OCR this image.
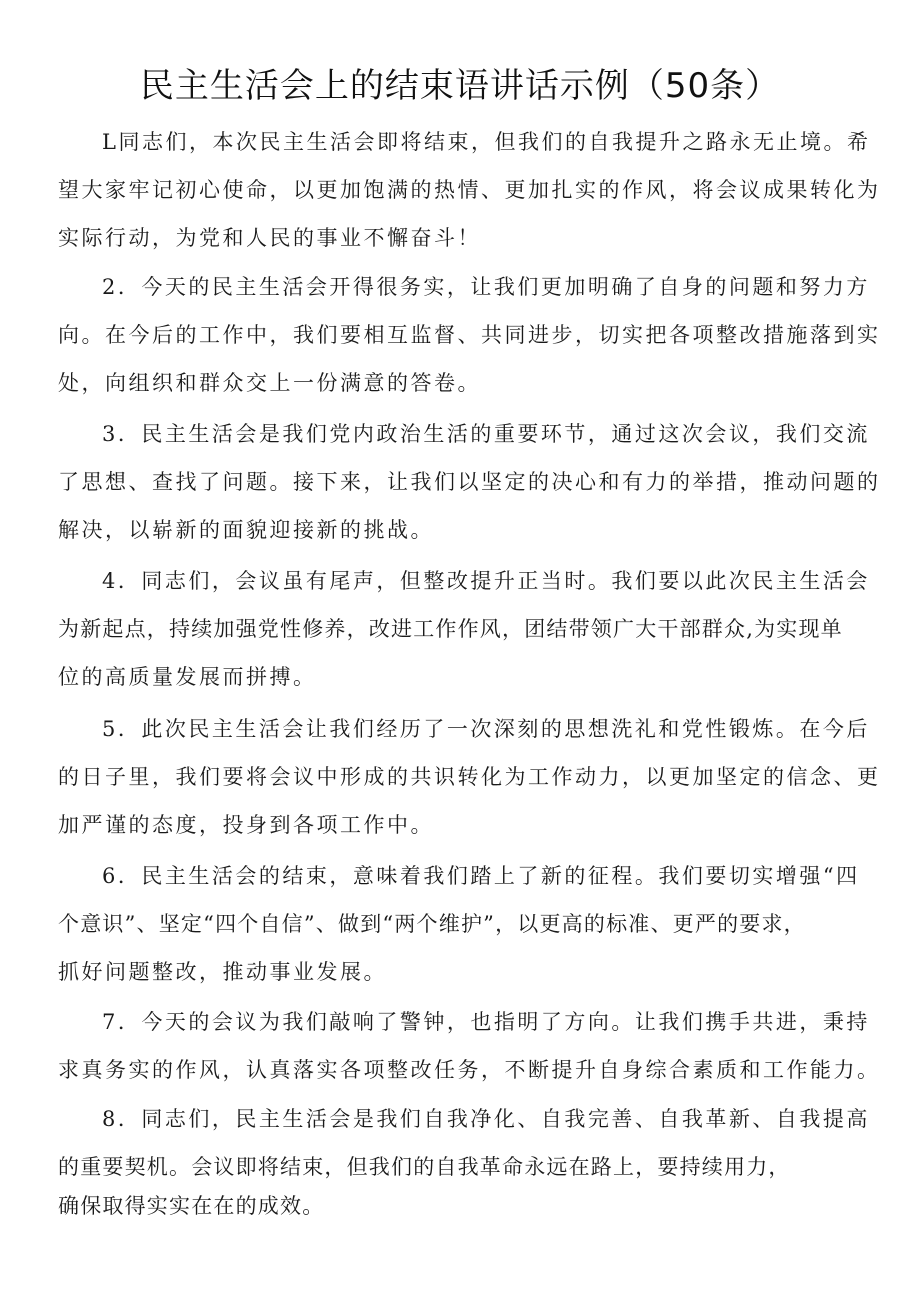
民主生活会上的结束语讲话示例（50条）
L同志们，本次民主生活会即将结束，但我们的自我提升之路永无止境。希
望大家牢记初心使命，以更加饱满的热情、更加扎实的作风，将会议成果转化为
实际行动，为党和人民的事业不懈奋斗！
2．今天的民主生活会开得很务实，让我们更加明确了自身的问题和努力方
向。在今后的工作中，我们要相互监督、共同进步，切实把各项整改措施落到实
处，向组织和群众交上一份满意的答卷。
3．民主生活会是我们党内政治生活的重要环节，通过这次会议，我们交流
了思想、查找了问题。接下来，让我们以坚定的决心和有力的举措，推动问题的
解决，以崭新的面貌迎接新的挑战。
4．同志们，会议虽有尾声，但整改提升正当时。我们要以此次民主生活会
为新起点，持续加强党性修养，改进工作作风，团结带领广大干部群众,为实现单
位的高质量发展而拼搏。
5．此次民主生活会让我们经历了一次深刻的思想洗礼和党性锻炼。在今后
的日子里，我们要将会议中形成的共识转化为工作动力，以更加坚定的信念、更
加严谨的态度，投身到各项工作中。
6．民主生活会的结束，意味着我们踏上了新的征程。我们要切实增强“四
个意识”、坚定“四个自信”、做到“两个维护”，以更高的标准、更严的要求，
抓好问题整改，推动事业发展。
7．今天的会议为我们敲响了警钟，也指明了方向。让我们携手共进，秉持
求真务实的作风，认真落实各项整改任务，不断提升自身综合素质和工作能力。
8．同志们，民主生活会是我们自我净化、自我完善、自我革新、自我提高
的重要契机。会议即将结束，但我们的自我革命永远在路上，要持续用力，
确保取得实实在在的成效。
